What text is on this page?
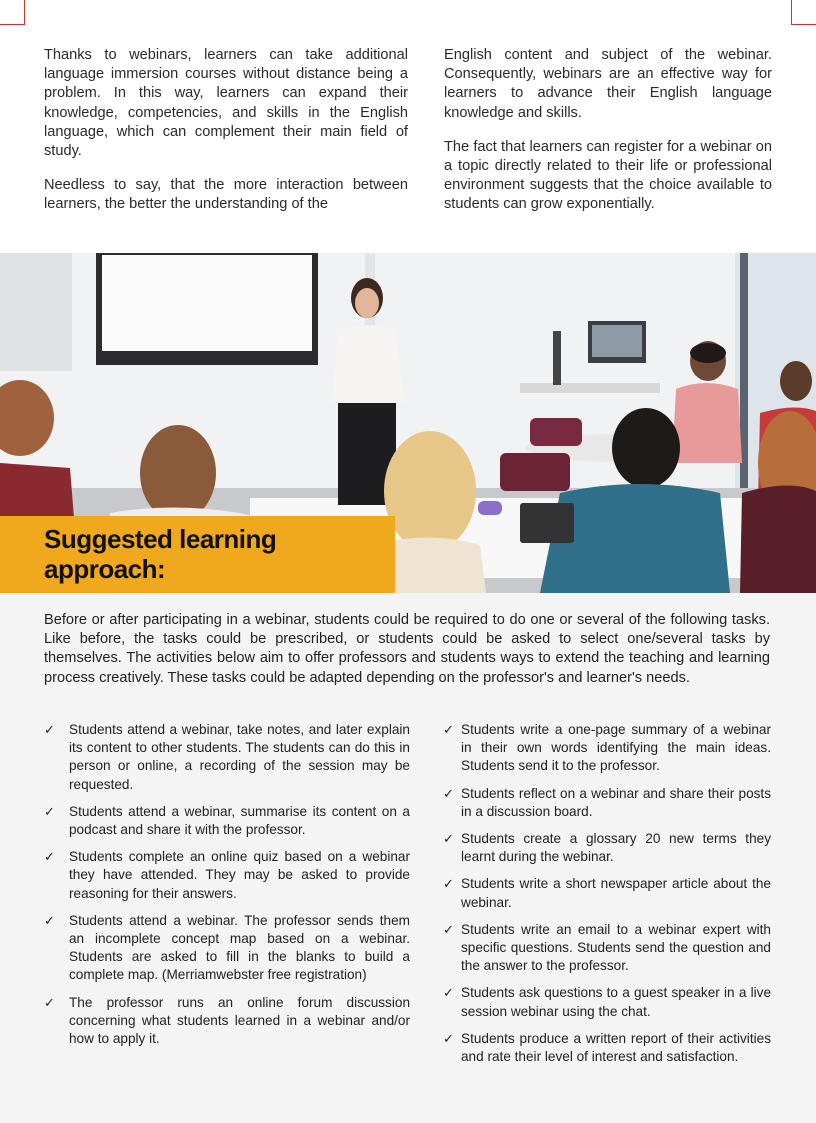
Thanks to webinars, learners can take additional language immersion courses without distance being a problem. In this way, learners can expand their knowledge, competencies, and skills in the English language, which can complement their main field of study.

Needless to say, that the more interaction between learners, the better the understanding of the

English content and subject of the webinar. Consequently, webinars are an effective way for learners to advance their English language knowledge and skills.

The fact that learners can register for a webinar on a topic directly related to their life or professional environment suggests that the choice available to students can grow exponentially.

Suggested learning approach:

Before or after participating in a webinar, students could be required to do one or several of the following tasks. Like before, the tasks could be prescribed, or students could be asked to select one/several tasks by themselves. The activities below aim to offer professors and students ways to extend the teaching and learning process creatively. These tasks could be adapted depending on the professor's and learner's needs.

✓ Students attend a webinar, take notes, and later explain its content to other students. The students can do this in person or online, a recording of the session may be requested.
✓ Students attend a webinar, summarise its content on a podcast and share it with the professor.
✓ Students complete an online quiz based on a webinar they have attended. They may be asked to provide reasoning for their answers.
✓ Students attend a webinar. The professor sends them an incomplete concept map based on a webinar. Students are asked to fill in the blanks to build a complete map. (Merriamwebster free registration)
✓ The professor runs an online forum discussion concerning what students learned in a webinar and/or how to apply it.
✓ Students write a one-page summary of a webinar in their own words identifying the main ideas. Students send it to the professor.
✓ Students reflect on a webinar and share their posts in a discussion board.
✓ Students create a glossary 20 new terms they learnt during the webinar.
✓ Students write a short newspaper article about the webinar.
✓ Students write an email to a webinar expert with specific questions. Students send the question and the answer to the professor.
✓ Students ask questions to a guest speaker in a live session webinar using the chat.
✓ Students produce a written report of their activities and rate their level of interest and satisfaction.
